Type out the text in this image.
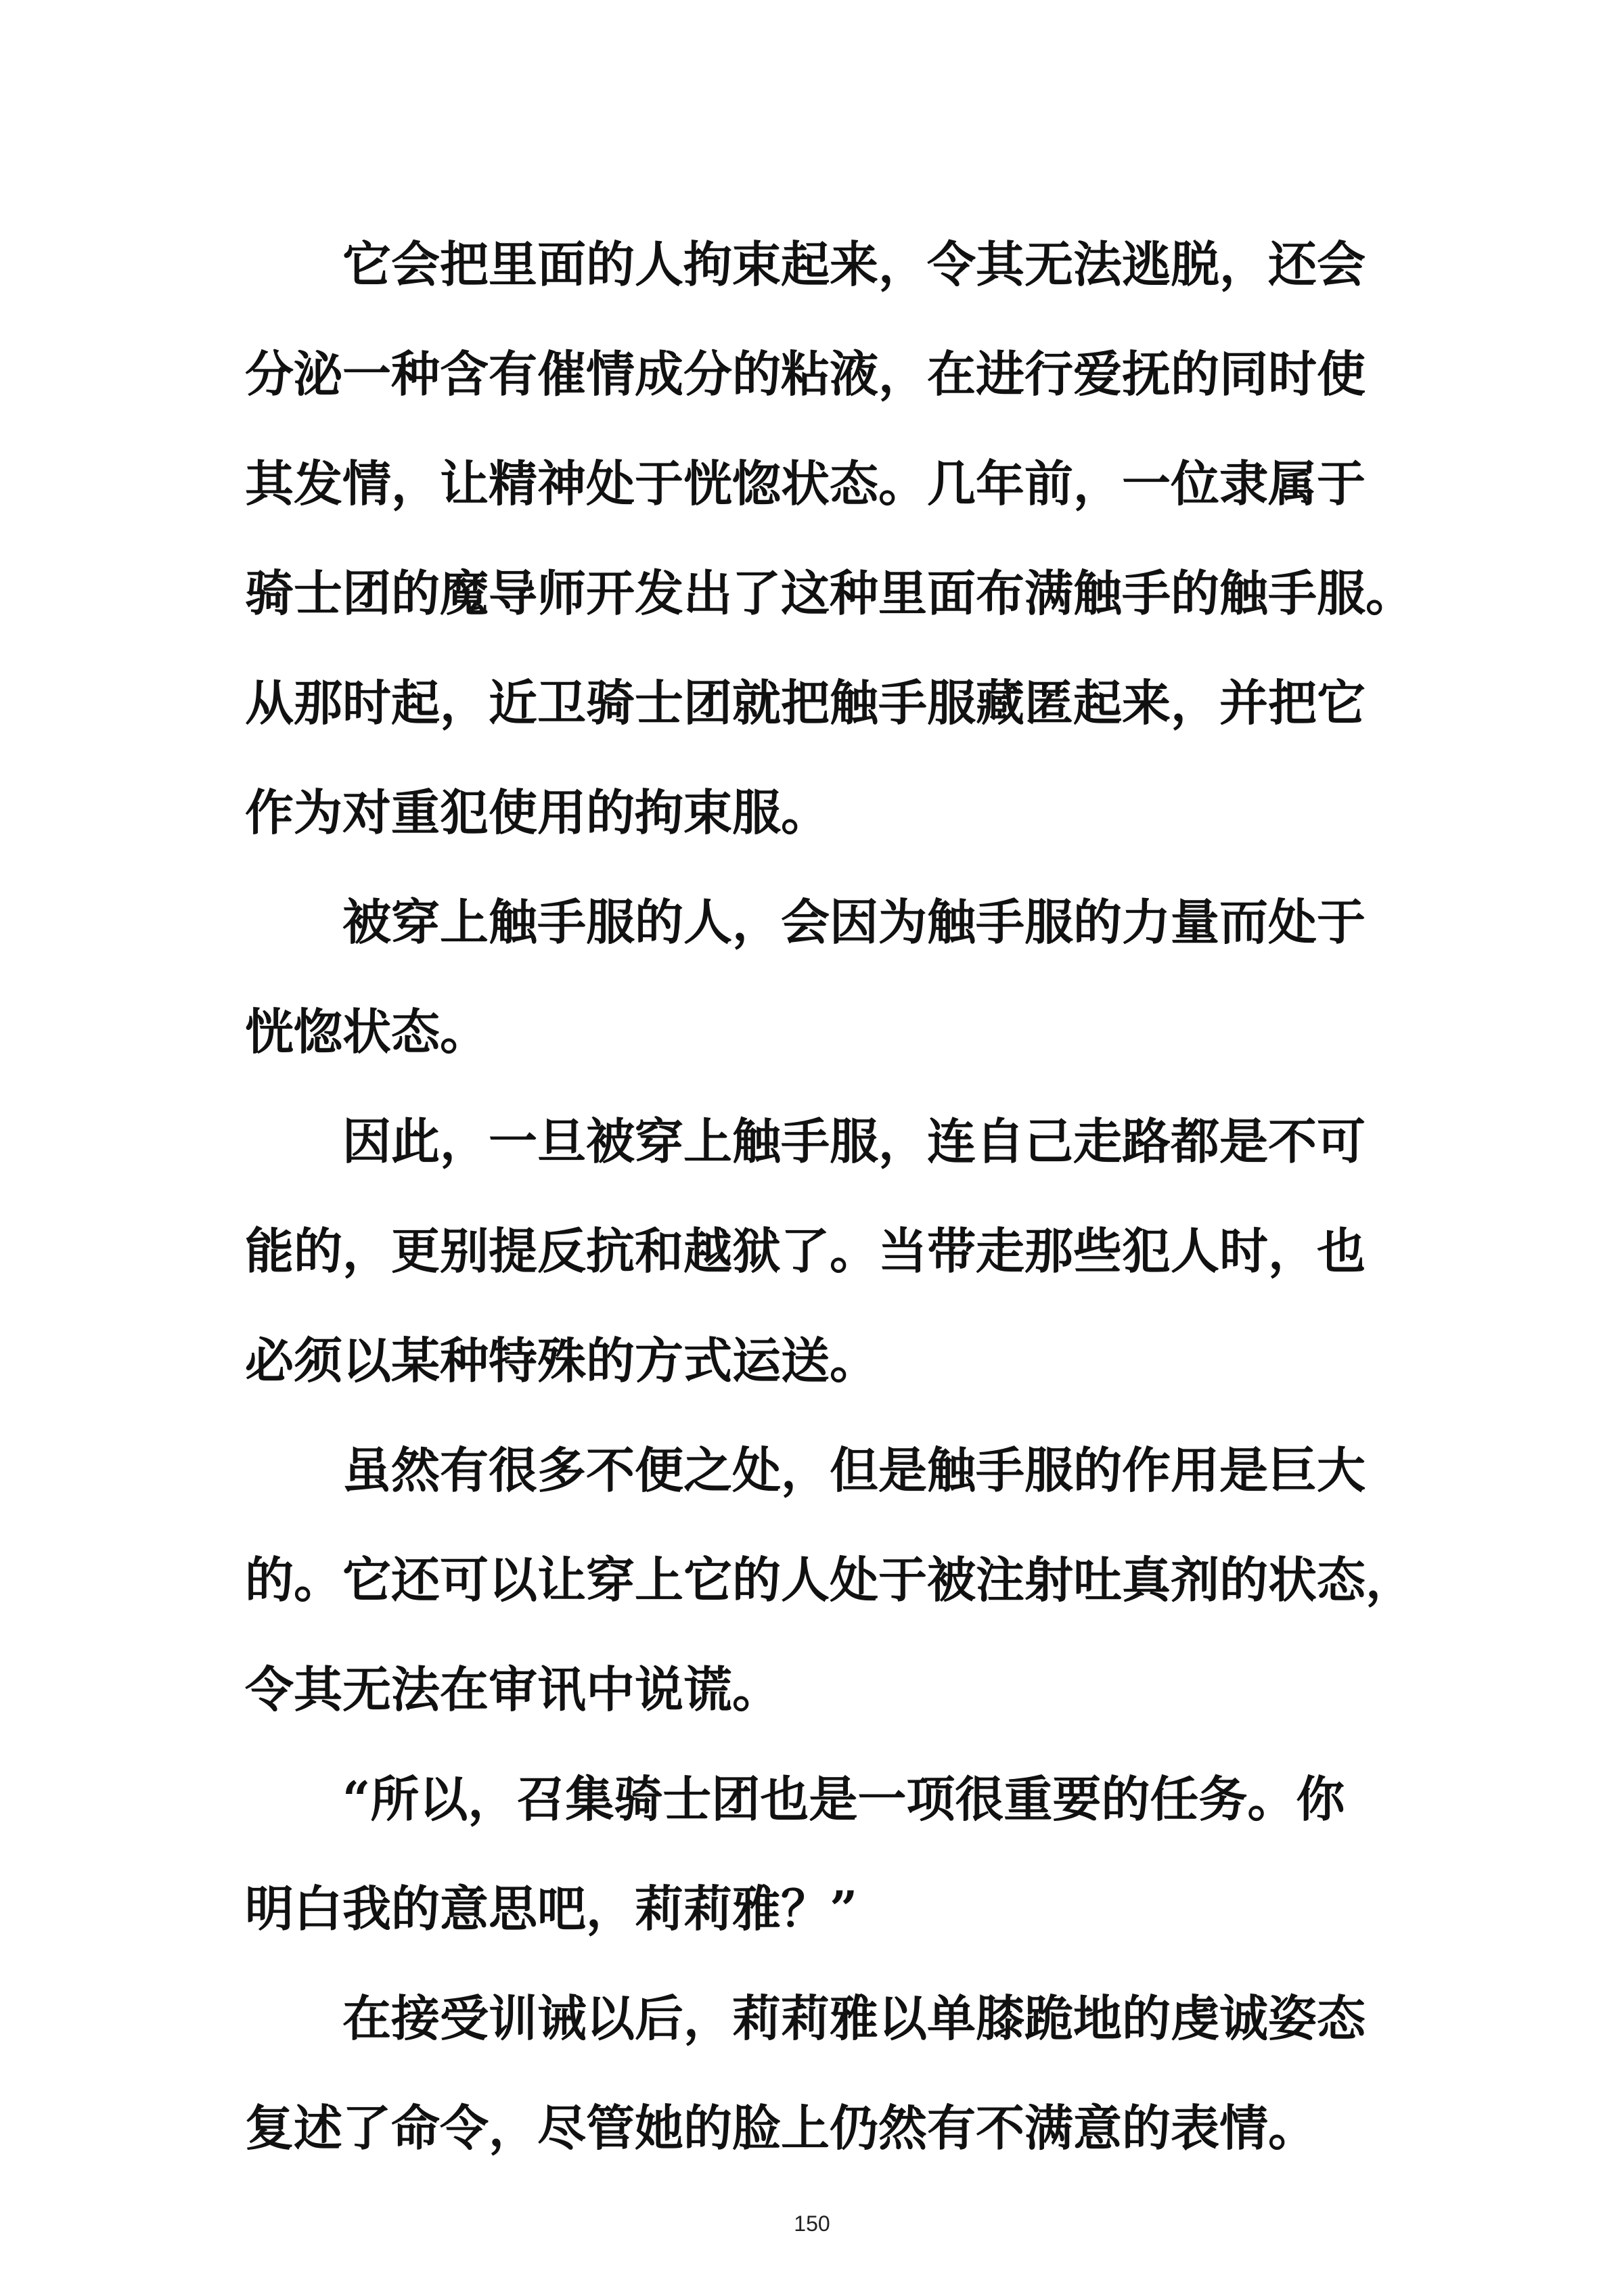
　　它会把里面的人拘束起来，令其无法逃脱，还会
分泌一种含有催情成分的粘液，在进行爱抚的同时使
其发情，让精神处于恍惚状态。几年前，一位隶属于
骑士团的魔导师开发出了这种里面布满触手的触手服。
从那时起，近卫骑士团就把触手服藏匿起来，并把它
作为对重犯使用的拘束服。
　　被穿上触手服的人，会因为触手服的力量而处于
恍惚状态。
　　因此，一旦被穿上触手服，连自己走路都是不可
能的，更别提反抗和越狱了。当带走那些犯人时，也
必须以某种特殊的方式运送。
　　虽然有很多不便之处，但是触手服的作用是巨大
的。它还可以让穿上它的人处于被注射吐真剂的状态，
令其无法在审讯中说谎。
　　“所以，召集骑士团也是一项很重要的任务。你
明白我的意思吧，莉莉雅？”
　　在接受训诫以后，莉莉雅以单膝跪地的虔诚姿态
复述了命令，尽管她的脸上仍然有不满意的表情。
150
